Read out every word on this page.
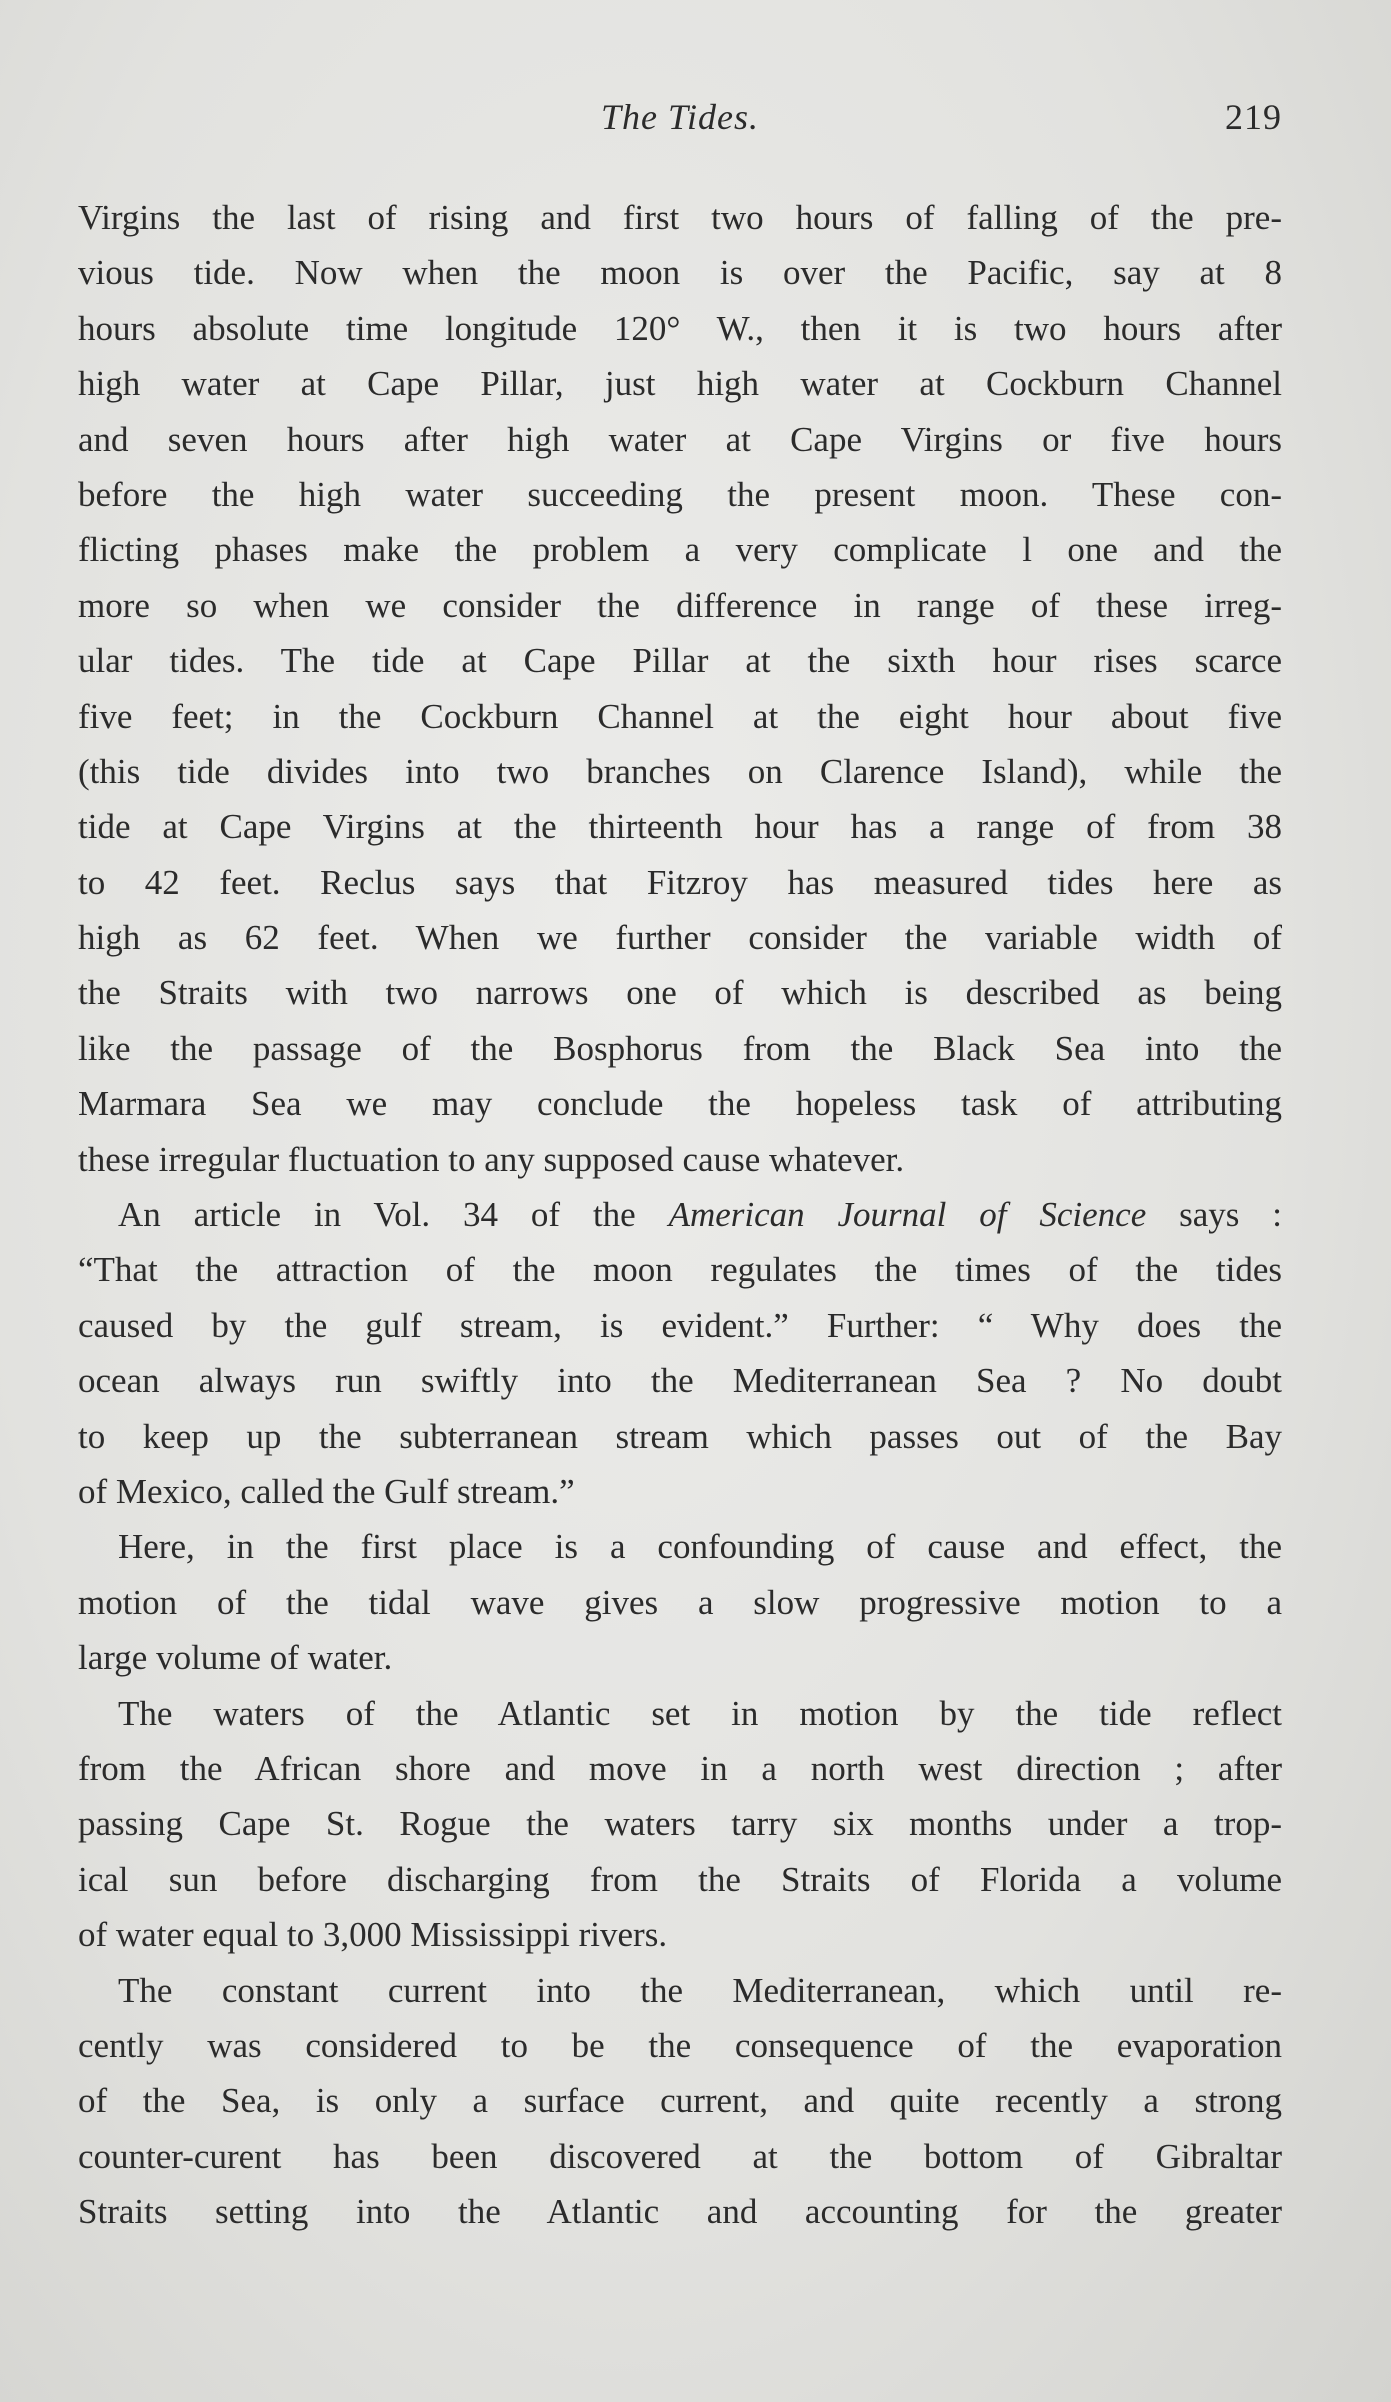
The Tides.	219
Virgins the last of rising and first two hours of falling of the pre-
vious tide. Now when the moon is over the Pacific, say at 8
hours absolute time longitude 120° W., then it is two hours after
high water at Cape Pillar, just high water at Cockburn Channel
and seven hours after high water at Cape Virgins or five hours
before the high water succeeding the present moon. These con-
flicting phases make the problem a very complicate l one and the
more so when we consider the difference in range of these irreg-
ular tides. The tide at Cape Pillar at the sixth hour rises scarce
five feet; in the Cockburn Channel at the eight hour about five
(this tide divides into two branches on Clarence Island), while the
tide at Cape Virgins at the thirteenth hour has a range of from 38
to 42 feet. Reclus says that Fitzroy has measured tides here as
high as 62 feet. When we further consider the variable width of
the Straits with two narrows one of which is described as being
like the passage of the Bosphorus from the Black Sea into the
Marmara Sea we may conclude the hopeless task of attributing
these irregular fluctuation to any supposed cause whatever.
An article in Vol. 34 of the American Journal of Science says :
“That the attraction of the moon regulates the times of the tides
caused by the gulf stream, is evident.” Further: “ Why does the
ocean always run swiftly into the Mediterranean Sea ? No doubt
to keep up the subterranean stream which passes out of the Bay
of Mexico, called the Gulf stream.”
Here, in the first place is a confounding of cause and effect, the
motion of the tidal wave gives a slow progressive motion to a
large volume of water.
The waters of the Atlantic set in motion by the tide reflect
from the African shore and move in a north west direction ; after
passing Cape St. Rogue the waters tarry six months under a trop-
ical sun before discharging from the Straits of Florida a volume
of water equal to 3,000 Mississippi rivers.
The constant current into the Mediterranean, which until re-
cently was considered to be the consequence of the evaporation
of the Sea, is only a surface current, and quite recently a strong
counter-curent has been discovered at the bottom of Gibraltar
Straits setting into the Atlantic and accounting for the greater
